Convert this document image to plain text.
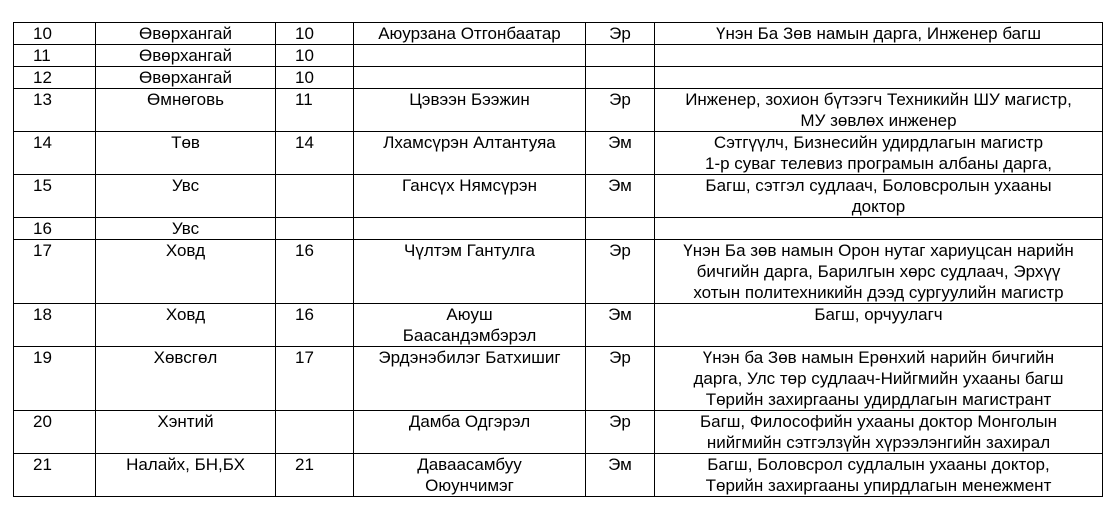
10	Өвөрхангай	10	Аюурзана Отгонбаатар	Эр	Үнэн Ба Зөв намын дарга, Инженер багш
11	Өвөрхангай	10			
12	Өвөрхангай	10			
13	Өмнөговь	11	Цэвээн Бээжин	Эр	Инженер, зохион бүтээгч Техникийн ШУ магистр,
МУ зөвлөх инженер
14	Төв	14	Лхамсүрэн Алтантуяа	Эм	Сэтгүүлч, Бизнесийн удирдлагын магистр
1-р суваг телевиз програмын албаны дарга,
15	Увс		Гансүх Нямсүрэн	Эм	Багш, сэтгэл судлаач, Боловсролын ухааны
доктор
16	Увс				
17	Ховд	16	Чүлтэм Гантулга	Эр	Үнэн Ба зөв намын Орон нутаг хариуцсан нарийн
бичгийн дарга, Барилгын хөрс судлаач, Эрхүү
хотын политехникийн дээд сургуулийн магистр
18	Ховд	16	Аюуш
Баасандэмбэрэл	Эм	Багш, орчуулагч
19	Хөвсгөл	17	Эрдэнэбилэг Батхишиг	Эр	Үнэн ба Зөв намын Ерөнхий нарийн бичгийн
дарга, Улс төр судлаач-Нийгмийн ухааны багш
Төрийн захиргааны удирдлагын магистрант
20	Хэнтий		Дамба Одгэрэл	Эр	Багш, Философийн ухааны доктор Монголын
нийгмийн сэтгэлзүйн хүрээлэнгийн захирал
21	Налайх, БН,БХ	21	Даваасамбуу
Оюунчимэг	Эм	Багш, Боловсрол судлалын ухааны доктор,
Төрийн захиргааны упирдлагын менежмент
